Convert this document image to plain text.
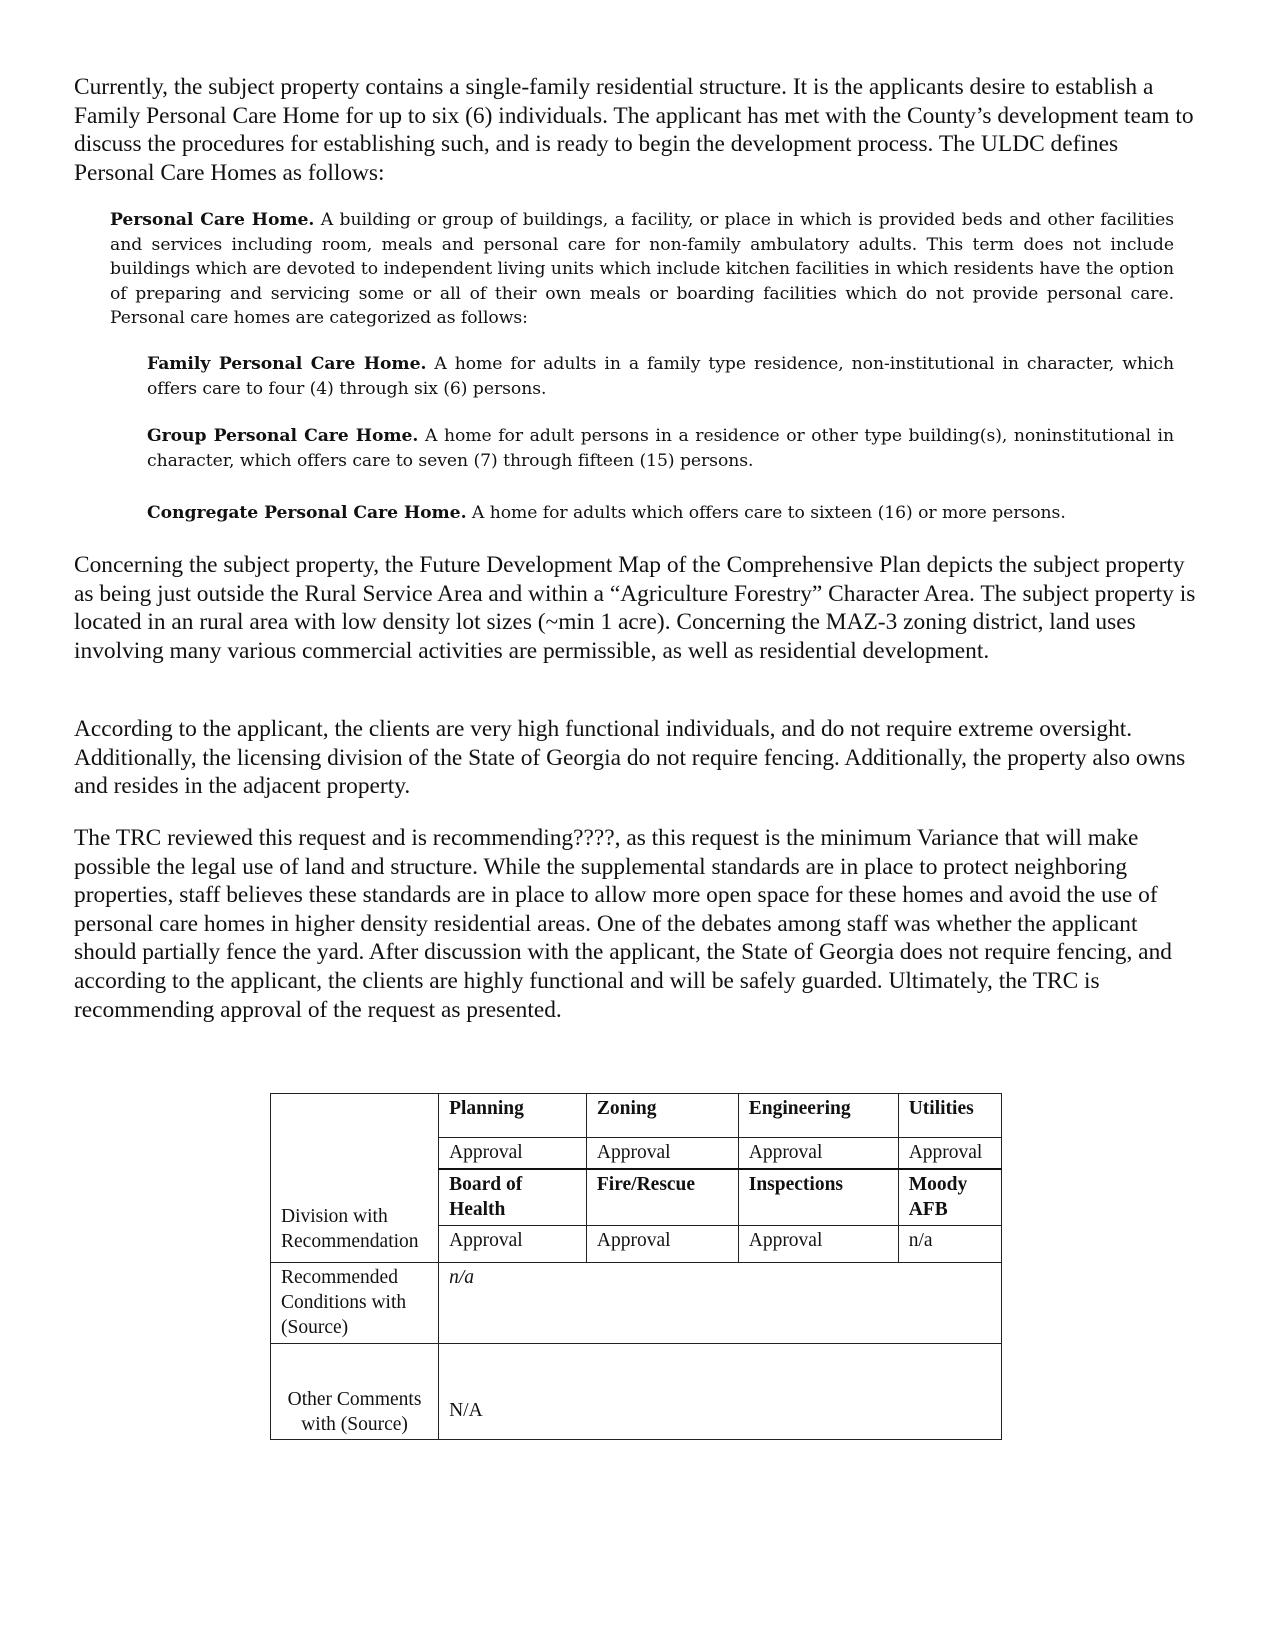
Currently, the subject property contains a single-family residential structure. It is the applicants desire to establish a Family Personal Care Home for up to six (6) individuals. The applicant has met with the County’s development team to discuss the procedures for establishing such, and is ready to begin the development process. The ULDC defines Personal Care Homes as follows:

Personal Care Home. A building or group of buildings, a facility, or place in which is provided beds and other facilities and services including room, meals and personal care for non-family ambulatory adults. This term does not include buildings which are devoted to independent living units which include kitchen facilities in which residents have the option of preparing and servicing some or all of their own meals or boarding facilities which do not provide personal care. Personal care homes are categorized as follows:

Family Personal Care Home. A home for adults in a family type residence, non-institutional in character, which offers care to four (4) through six (6) persons.

Group Personal Care Home. A home for adult persons in a residence or other type building(s), noninstitutional in character, which offers care to seven (7) through fifteen (15) persons.

Congregate Personal Care Home. A home for adults which offers care to sixteen (16) or more persons.

Concerning the subject property, the Future Development Map of the Comprehensive Plan depicts the subject property as being just outside the Rural Service Area and within a “Agriculture Forestry” Character Area. The subject property is located in an rural area with low density lot sizes (~min 1 acre). Concerning the MAZ-3 zoning district, land uses involving many various commercial activities are permissible, as well as residential development.

According to the applicant, the clients are very high functional individuals, and do not require extreme oversight. Additionally, the licensing division of the State of Georgia do not require fencing. Additionally, the property also owns and resides in the adjacent property.

The TRC reviewed this request and is recommending????, as this request is the minimum Variance that will make possible the legal use of land and structure. While the supplemental standards are in place to protect neighboring properties, staff believes these standards are in place to allow more open space for these homes and avoid the use of personal care homes in higher density residential areas. One of the debates among staff was whether the applicant should partially fence the yard. After discussion with the applicant, the State of Georgia does not require fencing, and according to the applicant, the clients are highly functional and will be safely guarded. Ultimately, the TRC is recommending approval of the request as presented.

Division with Recommendation	Planning	Zoning	Engineering	Utilities
	Approval	Approval	Approval	Approval
	Board of Health	Fire/Rescue	Inspections	Moody AFB
	Approval	Approval	Approval	n/a
Recommended Conditions with (Source)	n/a			
Other Comments with (Source)	N/A			
